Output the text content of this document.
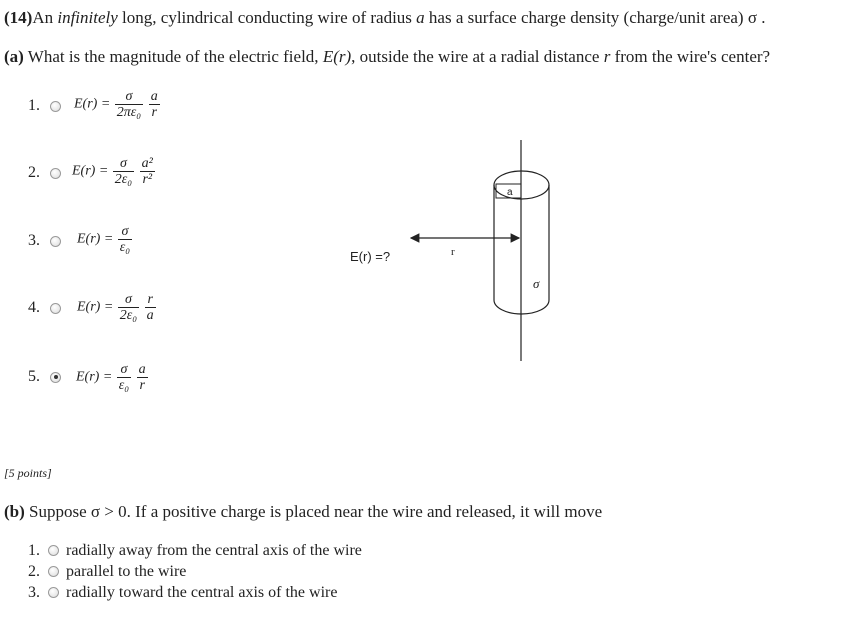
(14)An infinitely long, cylindrical conducting wire of radius a has a surface charge density (charge/unit area) σ .
(a) What is the magnitude of the electric field, E(r), outside the wire at a radial distance r from the wire's center?
1. $E(r) = \frac{\sigma}{\text{2πε₀}}$
$\frac{a}{r}$
2. $E(r) = \frac{\sigma}{\text{2ε₀}}$
$\frac{\text{a²}}{\text{r²}}$
3.	$E(r) = \frac{\sigma}{\text{ε₀}}$
4.	$E(r) = \frac{\sigma}{\text{2ε₀}}$
$\frac{r}{a}$
5.	$E(r) = \frac{\sigma}{\text{ε₀}}$
$\frac{a}{r}$
r
a
σ
E(r) =?
[5 points]
(b) Suppose σ > 0. If a positive charge is placed near the wire and released, it will move
1. radially away from the central axis of the wire
2. parallel to the wire
3. radially toward the central axis of the wire
